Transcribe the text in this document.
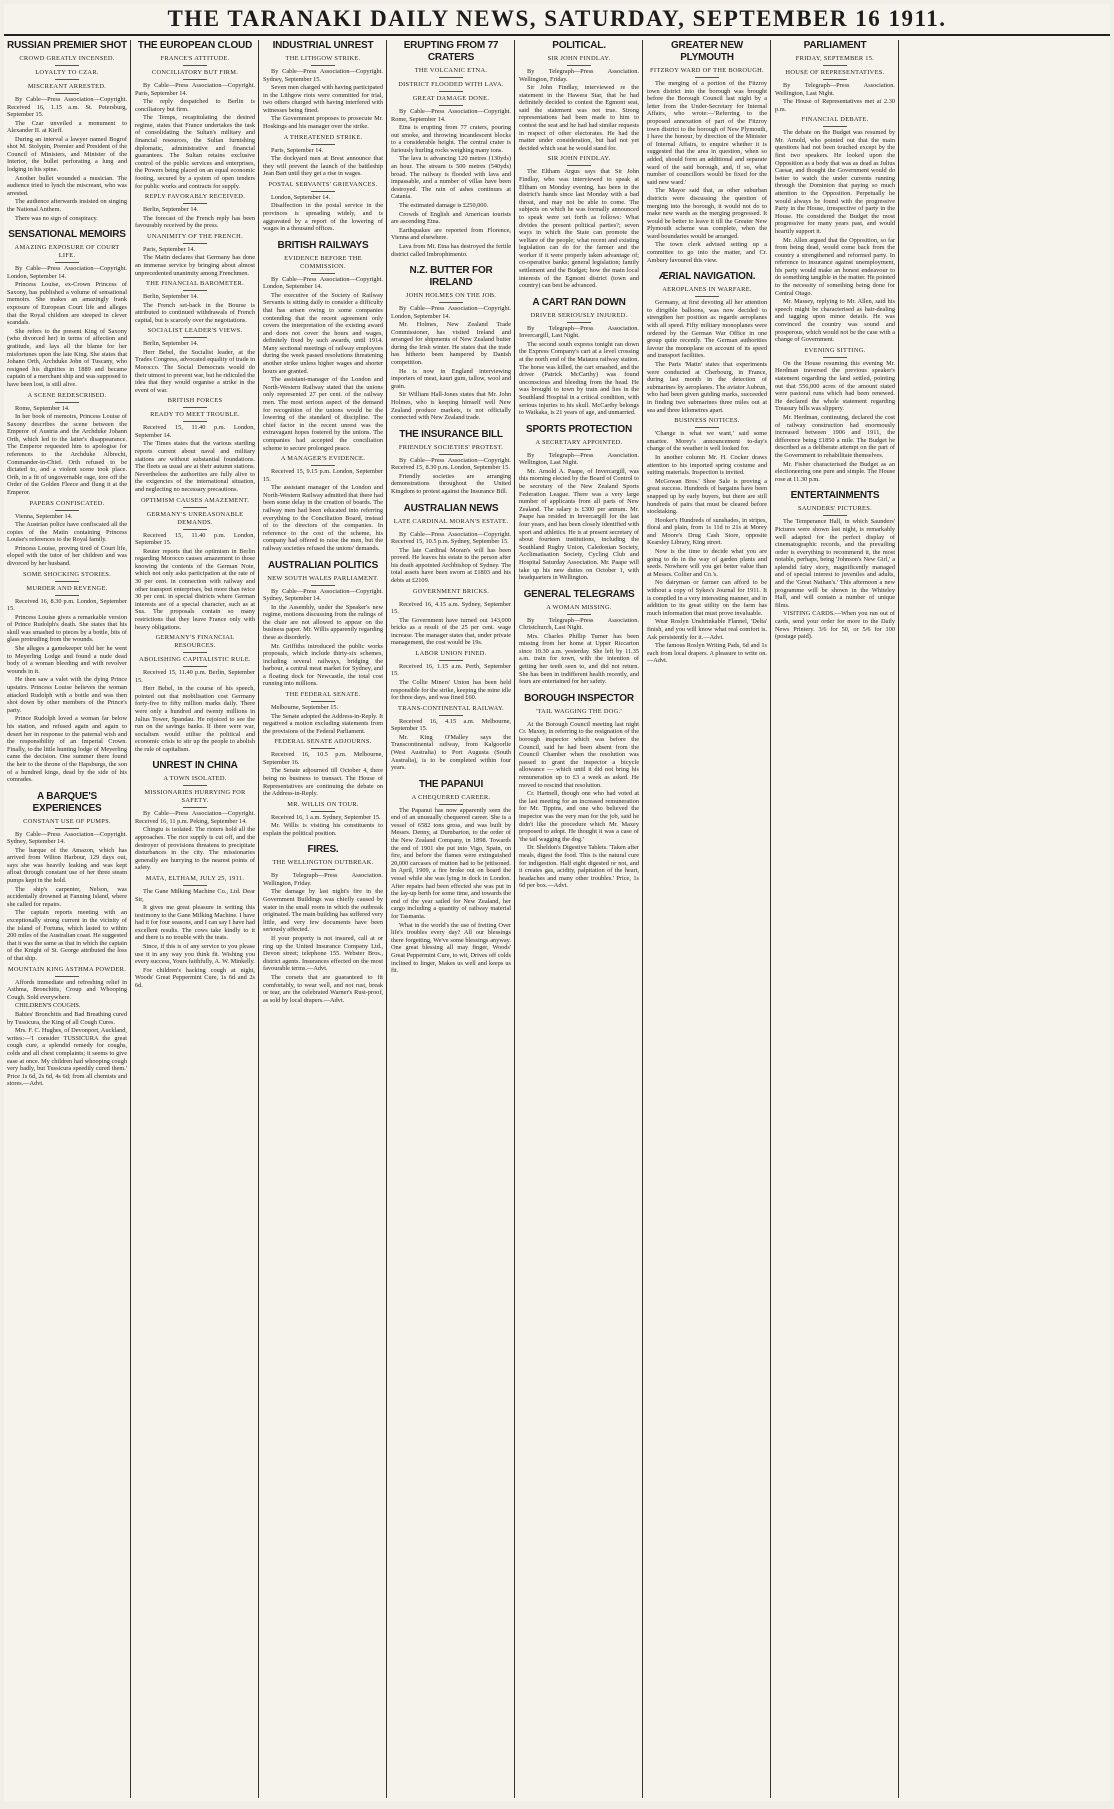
THE TARANAKI DAILY NEWS, SATURDAY, SEPTEMBER 16 1911.
RUSSIAN PREMIER SHOT
CROWD GREATLY INCENSED.
LOYALTY TO CZAR.
MISCREANT ARRESTED.
By Cable—Press Association—Copyright. Received 16, 1.15 a.m. St. Petersburg, September 15.
The Czar unveiled a monument to Alexander II. at Kieff.
During an interval a lawyer named Bogrof shot M. Stolypin, Premier and President of the Council of Ministers, and Minister of the Interior, the bullet perforating a lung and lodging in his spine.
Another bullet wounded a musician. The audience tried to lynch the miscreant, who was arrested.
The audience afterwards insisted on singing the National Anthem.
There was no sign of conspiracy.
SENSATIONAL MEMOIRS
AMAZING EXPOSURE OF COURT LIFE.
By Cable—Press Association—Copyright. London, September 14.
Princess Louise, ex-Crown Princess of Saxony, has published a volume of sensational memoirs. She makes an amazingly frank exposure of European Court life and alleges that the Royal children are steeped in clever scandals.
She refers to the present King of Saxony (who divorced her) in terms of affection and gratitude, and lays all the blame for her misfortunes upon the late King. She states that Johann Orth, Archduke John of Tuscany, who resigned his dignities in 1889 and became captain of a merchant ship and was supposed to have been lost, is still alive.
A SCENE REDESCRIBED.
Rome, September 14.
In her book of memoirs, Princess Louise of Saxony describes the scene between the Emperor of Austria and the Archduke Johann Orth, which led to the latter's disappearance. The Emperor requested him to apologise for references to the Archduke Albrecht, Commander-in-Chief. Orth refused to be dictated to, and a violent scene took place. Orth, in a fit of ungovernable rage, tore off the Order of the Golden Fleece and flung it at the Emperor.
PAPERS CONFISCATED.
Vienna, September 14.
The Austrian police have confiscated all the copies of the Matin containing Princess Louise's references to the Royal family.
Princess Louise, proving tired of Court life, eloped with the tutor of her children and was divorced by her husband.
SOME SHOCKING STORIES.
MURDER AND REVENGE.
Received 16, 8.30 p.m. London, September 15.
Princess Louise gives a remarkable version of Prince Rudolph's death. She states that his skull was smashed to pieces by a bottle, bits of glass protruding from the wounds.
She alleges a gamekeeper told her he went to Meyerling Lodge and found a nude dead body of a woman bleeding and with revolver wounds in it.
He then saw a valet with the dying Prince upstairs. Princess Louise believes the woman attacked Rudolph with a bottle and was then shot down by other members of the Prince's party.
Prince Rudolph loved a woman far below his station, and refused again and again to desert her in response to the paternal wish and the responsibility of an Imperial Crown. Finally, to the little hunting lodge of Meyerling came the decision. One summer there found the heir to the throne of the Hapsburgs, the son of a hundred kings, dead by the side of his comrades.
A BARQUE'S EXPERIENCES
CONSTANT USE OF PUMPS.
By Cable—Press Association—Copyright. Sydney, September 14.
The barque of the Amazon, which has arrived from Wilton Harbour, 129 days out, says she was heavily leaking and was kept afloat through constant use of her three steam pumps kept in the hold.
The ship's carpenter, Nelson, was accidentally drowned at Fanning Island, where she called for repairs.
The captain reports meeting with an exceptionally strong current in the vicinity of the island of Fortuna, which lasted to within 200 miles of the Australian coast. He suggested that it was the same as that in which the captain of the Knight of St. George attributed the loss of that ship.
MOUNTAIN KING ASTHMA POWDER.
Affords immediate and refreshing relief in Asthma, Bronchitis, Croup and Whooping Cough. Sold everywhere.
CHILDREN'S COUGHS.
Babies' Bronchitis and Bad Breathing cured by Tussicura, the King of all Cough Cures.
Mrs. F. C. Hughes, of Devonport, Auckland, writes:—'I consider TUSSICURA the great cough cure, a splendid remedy for coughs, colds and all chest complaints; it seems to give ease at once. My children had whooping cough very badly, but Tussicura speedily cured them.' Price 1s 6d, 2s 6d, 4s 6d; from all chemists and stores.—Advt.
THE EUROPEAN CLOUD
FRANCE'S ATTITUDE.
CONCILIATORY BUT FIRM.
By Cable—Press Association—Copyright. Paris, September 14.
The reply despatched to Berlin is conciliatory but firm.
The Temps, recapitulating the desired regime, states that France undertakes the task of consolidating the Sultan's military and financial resources, the Sultan furnishing diplomatic, administrative and financial guarantees. The Sultan retains exclusive control of the public services and enterprises, the Powers being placed on an equal economic footing, secured by a system of open tenders for public works and contracts for supply.
REPLY FAVORABLY RECEIVED.
Berlin, September 14.
The forecast of the French reply has been favourably received by the press.
UNANIMITY OF THE FRENCH.
Paris, September 14.
The Matin declares that Germany has done an immense service by bringing about almost unprecedented unanimity among Frenchmen.
THE FINANCIAL BAROMETER.
Berlin, September 14.
The French set-back in the Bourse is attributed to continued withdrawals of French capital, but is scarcely over the negotiations.
SOCIALIST LEADER'S VIEWS.
Berlin, September 14.
Herr Bebel, the Socialist leader, at the Trades Congress, advocated equality of trade in Morocco. The Social Democrats would do their utmost to prevent war, but he ridiculed the idea that they would organise a strike in the event of war.
BRITISH FORCES
READY TO MEET TROUBLE.
Received 15, 11.40 p.m. London, September 14.
The Times states that the various startling reports current about naval and military stations are without substantial foundations. The fleets as usual are at their autumn stations. Nevertheless the authorities are fully alive to the exigencies of the international situation, and neglecting no necessary precautions.
OPTIMISM CAUSES AMAZEMENT.
GERMANY'S UNREASONABLE DEMANDS.
Received 15, 11.40 p.m. London, September 15.
Reuter reports that the optimism in Berlin regarding Morocco causes amazement to those knowing the contents of the German Note, which not only asks participation at the rate of 30 per cent. in connection with railway and other transport enterprises, but more than twice 30 per cent. in special districts where German interests are of a special character, such as at Sus. The proposals contain so many restrictions that they leave France only with heavy obligations.
GERMANY'S FINANCIAL RESOURCES.
ABOLISHING CAPITALISTIC RULE.
Received 15, 11.40 p.m. Berlin, September 15.
Herr Bebel, in the course of his speech, pointed out that mobilisation cost Germany forty-five to fifty million marks daily. There were only a hundred and twenty millions in Julius Tower, Spandau. He rejoiced to see the run on the savings banks. If there were war, socialism would utilise the political and economic crisis to stir up the people to abolish the rule of capitalism.
UNREST IN CHINA
A TOWN ISOLATED.
MISSIONARIES HURRYING FOR SAFETY.
By Cable—Press Association—Copyright. Received 16, 11 p.m. Peking, September 14.
Chingtu is isolated. The rioters hold all the approaches. The rice supply is cut off, and the destroyer of provisions threatens to precipitate disturbances in the city. The missionaries generally are hurrying to the nearest points of safety.
MATA, ELTHAM, JULY 25, 1911.
The Gane Milking Machine Co., Ltd. Dear Sir,
It gives me great pleasure in writing this testimony to the Gane Milking Machine. I have had it for four seasons, and I can say I have had excellent results. The cows take kindly to it and there is no trouble with the teats.
Since, if this is of any service to you please use it in any way you think fit. Wishing you every success, Yours faithfully, A. W. Minkelly.
For children's hacking cough at night, Woods' Great Peppermint Cure, 1s 6d and 2s 6d.
INDUSTRIAL UNREST
THE LITHGOW STRIKE.
By Cable—Press Association—Copyright. Sydney, September 15.
Seven men charged with having participated in the Lithgow riots were committed for trial, two others charged with having interfered with witnesses being fined.
The Government proposes to prosecute Mr. Hoskings and his manager over the strike.
A THREATENED STRIKE.
Paris, September 14.
The dockyard men at Brest announce that they will prevent the launch of the battleship Jean Bart until they get a rise in wages.
POSTAL SERVANTS' GRIEVANCES.
London, September 14.
Disaffection in the postal service in the provinces is spreading widely, and is aggravated by a report of the lowering of wages in a thousand offices.
BRITISH RAILWAYS
EVIDENCE BEFORE THE COMMISSION.
By Cable—Press Association—Copyright. London, September 14.
The executive of the Society of Railway Servants is sitting daily to consider a difficulty that has arisen owing to some companies contending that the recent agreement only covers the interpretation of the existing award and does not cover the hours and wages, definitely fixed by such awards, until 1914. Many sectional meetings of railway employees during the week passed resolutions threatening another strike unless higher wages and shorter hours are granted.
The assistant-manager of the London and North-Western Railway stated that the unions only represented 27 per cent. of the railway men. The most serious aspect of the demand for recognition of the unions would be the lowering of the standard of discipline. The chief factor in the recent unrest was the extravagant hopes fostered by the unions. The companies had accepted the conciliation scheme to secure prolonged peace.
A MANAGER'S EVIDENCE.
Received 15, 9.15 p.m. London, September 15.
The assistant manager of the London and North-Western Railway admitted that there had been some delay in the creation of boards. The railway men had been educated into referring everything to the Conciliation Board, instead of to the directors of the companies. In reference to the cost of the scheme, his company had offered to raise the men, but the railway societies refused the unions' demands.
AUSTRALIAN POLITICS
NEW SOUTH WALES PARLIAMENT.
By Cable—Press Association—Copyright. Sydney, September 14.
In the Assembly, under the Speaker's new regime, motions discussing from the rulings of the chair are not allowed to appear on the business paper. Mr. Willis apparently regarding these as disorderly.
Mr. Griffiths introduced the public works proposals, which include thirty-six schemes, including several railways, bridging the harbour, a central meat market for Sydney, and a floating dock for Newcastle, the total cost running into millions.
THE FEDERAL SENATE.
Melbourne, September 15.
The Senate adopted the Address-in-Reply. It negatived a motion excluding statements from the provisions of the Federal Parliament.
FEDERAL SENATE ADJOURNS.
Received 16, 10.5 p.m. Melbourne, September 16.
The Senate adjourned till October 4, there being no business to transact. The House of Representatives are continuing the debate on the Address-in-Reply.
MR. WILLIS ON TOUR.
Received 16, 1 a.m. Sydney, September 15.
Mr. Willis is visiting his constituents to explain the political position.
FIRES.
THE WELLINGTON OUTBREAK.
By Telegraph—Press Association. Wellington, Friday.
The damage by last night's fire in the Government Buildings was chiefly caused by water in the small room in which the outbreak originated. The main building has suffered very little, and very few documents have been seriously affected.
If your property is not insured, call at or ring up the United Insurance Company Ltd., Devon street; telephone 155. Webster Bros., district agents. Insurances effected on the most favourable terms.—Advt.
The corsets that are guaranteed to fit comfortably, to wear well, and not rust, break or tear, are the celebrated Warner's Rust-proof, as sold by local drapers.—Advt.
ERUPTING FROM 77 CRATERS
THE VOLCANIC ETNA.
DISTRICT FLOODED WITH LAVA.
GREAT DAMAGE DONE.
By Cable—Press Association—Copyright. Rome, September 14.
Etna is erupting from 77 craters, pouring out smoke, and throwing incandescent blocks to a considerable height. The central crater is furiously hurling rocks weighing many tons.
The lava is advancing 120 metres (130yds) an hour. The stream is 500 metres (540yds) broad. The railway is flooded with lava and impassable, and a number of villas have been destroyed. The rain of ashes continues at Catania.
The estimated damage is £250,000.
Crowds of English and American tourists are ascending Etna.
Earthquakes are reported from Florence, Vienna and elsewhere.
Lava from Mt. Etna has destroyed the fertile district called Imbrophimento.
N.Z. BUTTER FOR IRELAND
JOHN HOLMES ON THE JOB.
By Cable—Press Association—Copyright. London, September 14.
Mr. Holmes, New Zealand Trade Commissioner, has visited Ireland and arranged for shipments of New Zealand butter during the Irish winter. He states that the trade has hitherto been hampered by Danish competition.
He is now in England interviewing importers of meat, kauri gum, tallow, wool and grain.
Sir William Hall-Jones states that Mr. John Holmes, who is keeping himself well New Zealand produce markets, is not officially connected with New Zealand trade.
THE INSURANCE BILL
FRIENDLY SOCIETIES' PROTEST.
By Cable—Press Association—Copyright. Received 15, 8.30 p.m. London, September 15.
Friendly societies are arranging demonstrations throughout the United Kingdom to protest against the Insurance Bill.
AUSTRALIAN NEWS
LATE CARDINAL MORAN'S ESTATE.
By Cable—Press Association—Copyright. Received 15, 10.5 p.m. Sydney, September 15.
The late Cardinal Moran's will has been proved. He leaves his estate to the person after his death appointed Archbishop of Sydney. The total assets have been sworn at £1803 and his debts at £2109.
GOVERNMENT BRICKS.
Received 16, 4.15 a.m. Sydney, September 15.
The Government have turned out 143,000 bricks as a result of the 25 per cent. wage increase. The manager states that, under private management, the cost would be 19s.
LABOR UNION FINED.
Received 16, 1.15 a.m. Perth, September 15.
The Collie Miners' Union has been held responsible for the strike, keeping the mine idle for three days, and was fined £60.
TRANS-CONTINENTAL RAILWAY.
Received 16, 4.15 a.m. Melbourne, September 15.
Mr. King O'Malley says the Transcontinental railway, from Kalgoorlie (West Australia) to Port Augusta (South Australia), is to be completed within four years.
THE PAPANUI
A CHEQUERED CAREER.
The Papanui has now apparently seen the end of an unusually chequered career. She is a vessel of 6582 tons gross, and was built by Messrs. Denny, at Dumbarton, to the order of the New Zealand Company, in 1898. Towards the end of 1901 she put into Vigo, Spain, on fire, and before the flames were extinguished 20,000 carcases of mutton had to be jettisoned. In April, 1909, a fire broke out on board the vessel while she was lying in dock in London. After repairs had been effected she was put in the lay-up berth for some time, and towards the end of the year sailed for New Zealand, her cargo including a quantity of railway material for Tasmania.
What in the world's the use of fretting Over life's troubles every day? All our blessings there forgetting, We've some blessings anyway. One great blessing all may finger, Woods' Great Peppermint Cure, to wit, Drives off colds inclined to linger, Makes us well and keeps us fit.
POLITICAL.
SIR JOHN FINDLAY.
By Telegraph—Press Association. Wellington, Friday.
Sir John Findlay, interviewed re the statement in the Hawera Star, that he had definitely decided to contest the Egmont seat, said the statement was not true. Strong representations had been made to him to contest the seat and he had had similar requests in respect of other electorates. He had the matter under consideration, but had not yet decided which seat he would stand for.
SIR JOHN FINDLAY.
The Eltham Argus says that Sir John Findlay, who was interviewed to speak at Eltham on Monday evening, has been in the district's hands since last Monday with a bad throat, and may not be able to come. The subjects on which he was formally announced to speak were set forth as follows: What divides the present political parties?; seven ways in which the State can promote the welfare of the people; what recent and existing legislation can do for the farmer and the worker if it were properly taken advantage of; co-operative banks; general legislation; family settlement and the Budget; how the main local interests of the Egmont district (town and country) can best be advanced.
A CART RAN DOWN
DRIVER SERIOUSLY INJURED.
By Telegraph—Press Association. Invercargill, Last Night.
The second south express tonight ran down the Express Company's cart at a level crossing at the north end of the Mataura railway station. The horse was killed, the cart smashed, and the driver (Patrick McCarthy) was found unconscious and bleeding from the head. He was brought to town by train and lies in the Southland Hospital in a critical condition, with serious injuries to his skull. McCarthy belongs to Waikaka, is 21 years of age, and unmarried.
SPORTS PROTECTION
A SECRETARY APPOINTED.
By Telegraph—Press Association. Wellington, Last Night.
Mr. Arnold A. Paape, of Invercargill, was this morning elected by the Board of Control to be secretary of the New Zealand Sports Federation League. There was a very large number of applicants from all parts of New Zealand. The salary is £300 per annum. Mr. Paape has resided in Invercargill for the last four years, and has been closely identified with sport and athletics. He is at present secretary of about fourteen institutions, including the Southland Rugby Union, Caledonian Society, Acclimatisation Society, Cycling Club and Hospital Saturday Association. Mr. Paape will take up his new duties on October 1, with headquarters in Wellington.
GENERAL TELEGRAMS
A WOMAN MISSING.
By Telegraph—Press Association. Christchurch, Last Night.
Mrs. Charles Phillip Turner has been missing from her home at Upper Riccarton since 10.30 a.m. yesterday. She left by 11.35 a.m. train for town, with the intention of getting her teeth seen to, and did not return. She has been in indifferent health recently, and fears are entertained for her safety.
BOROUGH INSPECTOR
'TAIL WAGGING THE DOG.'
At the Borough Council meeting last night Cr. Maxey, in referring to the resignation of the borough inspector which was before the Council, said he had been absent from the Council Chamber when the resolution was passed to grant the inspector a bicycle allowance — which until it did not bring his remuneration up to £3 a week as asked. He moved to rescind that resolution.
Cr. Hartnell, though one who had voted at the last meeting for an increased remuneration for Mr. Tippins, and one who believed the inspector was the very man for the job, said he didn't like the procedure which Mr. Maxey proposed to adopt. He thought it was a case of 'the tail wagging the dog.'
Dr. Sheldon's Digestive Tablets. 'Taken after meals, digest the food. This is the natural cure for indigestion. Half eight digested or not, and it creates gas, acidity, palpitation of the heart, headaches and many other troubles.' Price, 1s 6d per box.—Advt.
GREATER NEW PLYMOUTH
FITZROY WARD OF THE BOROUGH.
The merging of a portion of the Fitzroy town district into the borough was brought before the Borough Council last night by a letter from the Under-Secretary for Internal Affairs, who wrote:—'Referring to the proposed annexation of part of the Fitzroy town district to the borough of New Plymouth, I have the honour, by direction of the Minister of Internal Affairs, to enquire whether it is suggested that the area in question, when so added, should form an additional and separate ward of the said borough, and, if so, what number of councillors would be fixed for the said new ward.'
The Mayor said that, as other suburban districts were discussing the question of merging into the borough, it would not do to make new wards as the merging progressed. It would be better to leave it till the Greater New Plymouth scheme was complete, when the ward boundaries would be arranged.
The town clerk advised setting up a committee to go into the matter, and Cr. Ambury favoured this view.
ÆRIAL NAVIGATION.
AEROPLANES IN WARFARE.
Germany, at first devoting all her attention to dirigible balloons, was now decided to strengthen her position as regards aeroplanes with all speed. Fifty military monoplanes were ordered by the German War Office in one group quite recently. The German authorities favour the monoplane on account of its speed and transport facilities.
The Paris 'Matin' states that experiments were conducted at Cherbourg, in France, during last month in the detection of submarines by aeroplanes. The aviator Aubrun, who had been given guiding marks, succeeded in finding two submarines three miles out at sea and three kilometres apart.
BUSINESS NOTICES.
'Change is what we want,' said some smartee. Morey's announcement to-day's change of the weather is well looked for.
In another column Mr. H. Cocker draws attention to his imported spring costume and suiting materials. Inspection is invited.
McGowan Bros.' Shoe Sale is proving a great success. Hundreds of bargains have been snapped up by early buyers, but there are still hundreds of pairs that must be cleared before stocktaking.
Hooker's Hundreds of sunshades, in stripes, floral and plain, from 1s 11d to 21s at Morey and Moore's Drug Cash Store, opposite Kearsley Library, King street.
Now is the time to decide what you are going to do in the way of garden plants and seeds. Nowhere will you get better value than at Messrs. Collier and Co.'s.
No dairyman or farmer can afford to be without a copy of Sykes's Journal for 1911. It is compiled in a very interesting manner, and in addition to its great utility on the farm has much information that must prove invaluable.
Wear Roslyn Unshrinkable Flannel, 'Delta' finish, and you will know what real comfort is. Ask persistently for it.—Advt.
The famous Roslyn Writing Pads, 6d and 1s each from local drapers. A pleasure to write on.—Advt.
PARLIAMENT
FRIDAY, SEPTEMBER 15.
HOUSE OF REPRESENTATIVES.
By Telegraph—Press Association. Wellington, Last Night.
The House of Representatives met at 2.30 p.m.
FINANCIAL DEBATE.
The debate on the Budget was resumed by Mr. Arnold, who pointed out that the main questions had not been touched except by the first two speakers. He looked upon the Opposition as a body that was as dead as Julius Caesar, and thought the Government would do better to watch the under currents running through the Dominion that paying so much attention to the Opposition. Perpetually he would always be found with the progressive Party in the House, irrespective of party in the House. He considered the Budget the most progressive for many years past, and would heartily support it.
Mr. Allen argued that the Opposition, so far from being dead, would come back from the country a strengthened and reformed party. In reference to insurance against unemployment, his party would make an honest endeavour to do something tangible in the matter. He pointed to the necessity of something being done for Central Otago.
Mr. Massey, replying to Mr. Allen, said his speech might be characterised as hair-dealing and tagging upon minor details. He was convinced the country was sound and prosperous, which would not be the case with a change of Government.
EVENING SITTING.
On the House resuming this evening Mr. Herdman traversed the previous speaker's statement regarding the land settled, pointing out that 556,000 acres of the amount stated were pastoral runs which had been renewed. He declared the whole statement regarding Treasury bills was slippery.
Mr. Herdman, continuing, declared the cost of railway construction had enormously increased between 1906 and 1911, the difference being £1850 a mile. The Budget he described as a deliberate attempt on the part of the Government to rehabilitate themselves.
Mr. Fisher characterised the Budget as an electioneering one pure and simple. The House rose at 11.30 p.m.
ENTERTAINMENTS
SAUNDERS' PICTURES.
The Temperance Hall, in which Saunders' Pictures were shown last night, is remarkably well adapted for the perfect display of cinematographic records, and the prevailing order is everything to recommend it, the most notable, perhaps, being 'Johnson's New Girl,' a splendid fairy story, magnificently managed and of special interest to juveniles and adults, and the 'Great Nathan's.' This afternoon a new programme will be shown in the Whiteley Hall, and will contain a number of unique films.
VISITING CARDS.—When you run out of cards, send your order for more to the Daily News Printery. 3/6 for 50, or 5/6 for 100 (postage paid).
